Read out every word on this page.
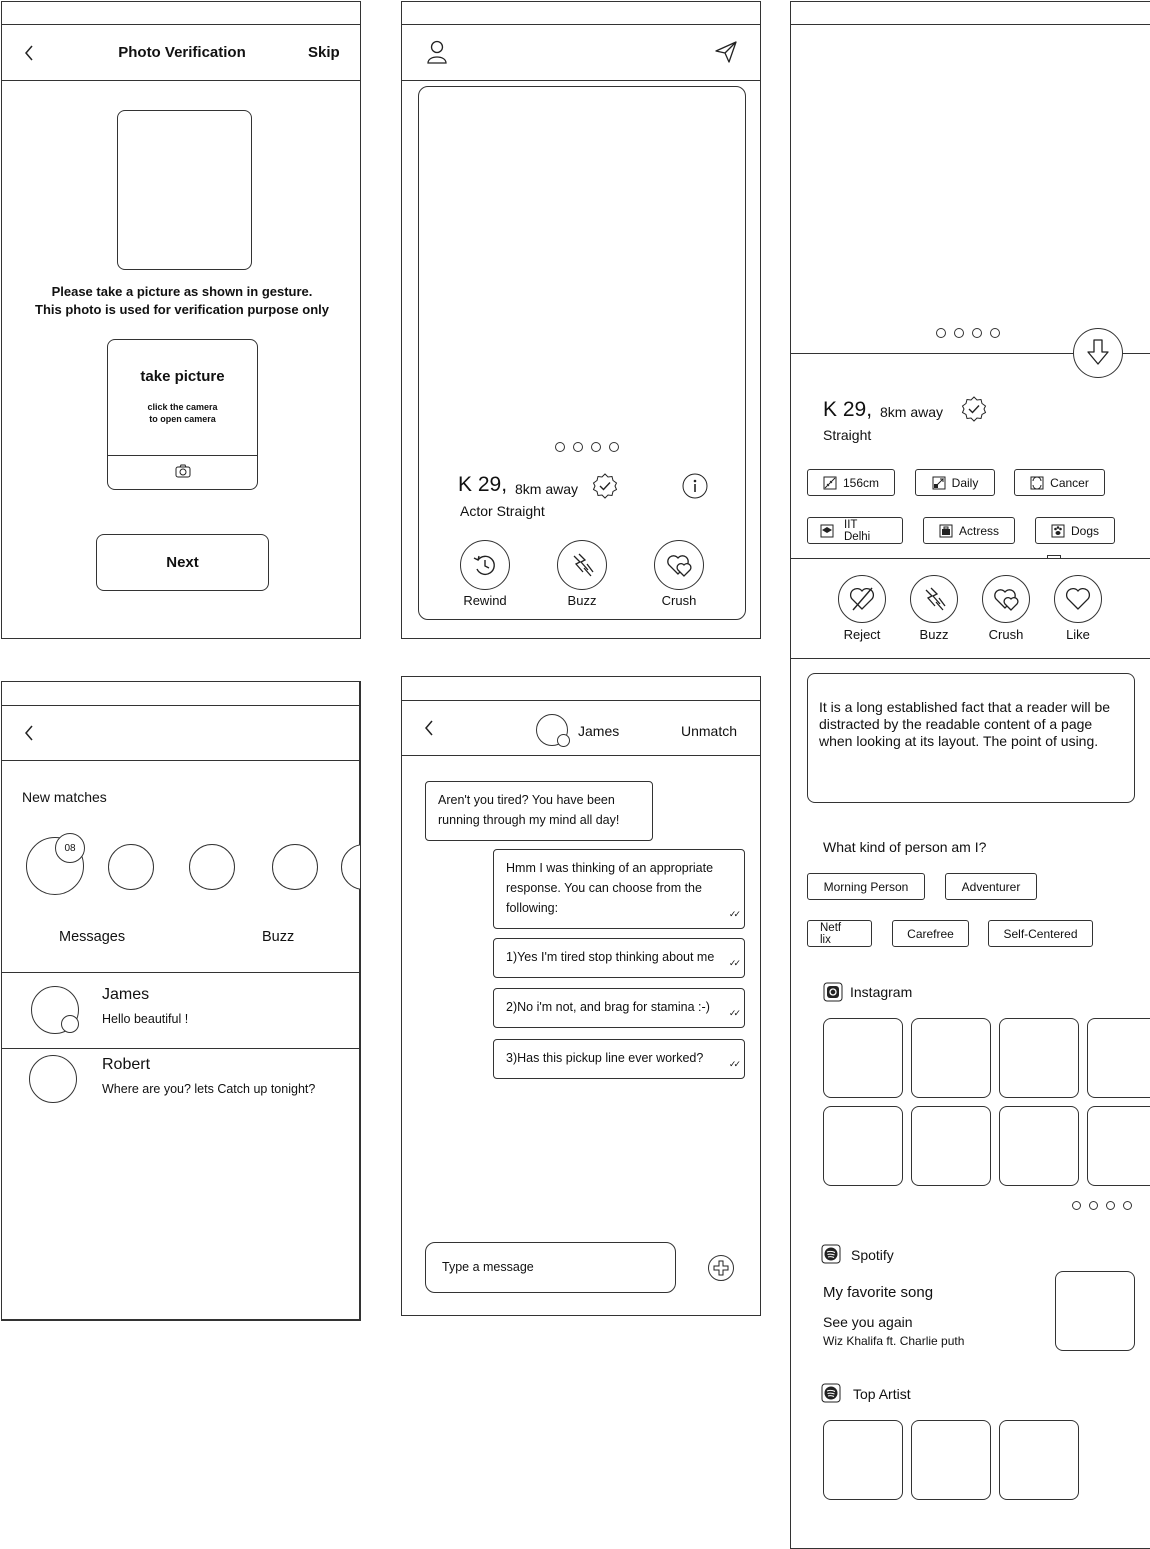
Photo Verification	Skip
Please take a picture as shown in gesture.
This photo is used for verification purpose only
take picture
click the camera
to open camera
Next
K 29, 8km away
Actor Straight
Rewind	Buzz	Crush
K 29, 8km away
Straight
156cm	Daily	Cancer
IIT
Delhi	Actress	Dogs
Reject	Buzz	Crush	Like
It is a long established fact that a reader will be distracted by the readable content of a page when looking at its layout. The point of using.
What kind of person am I?
Morning Person	Adventurer
Netf
lix	Carefree	Self-Centered
Instagram
Spotify
My favorite song
See you again
Wiz Khalifa ft. Charlie puth
Top Artist
New matches
08
Messages	Buzz
James
Hello beautiful !
Robert
Where are you? lets Catch up tonight?
James	Unmatch
Aren't you tired? You have been running through my mind all day!
Hmm I was thinking of an appropriate response. You can choose from the following:	✓✓
1)Yes I'm tired stop thinking about me ✓✓
2)No i'm not, and brag for stamina :-) ✓✓
3)Has this pickup line ever worked?	✓✓
Type a message
